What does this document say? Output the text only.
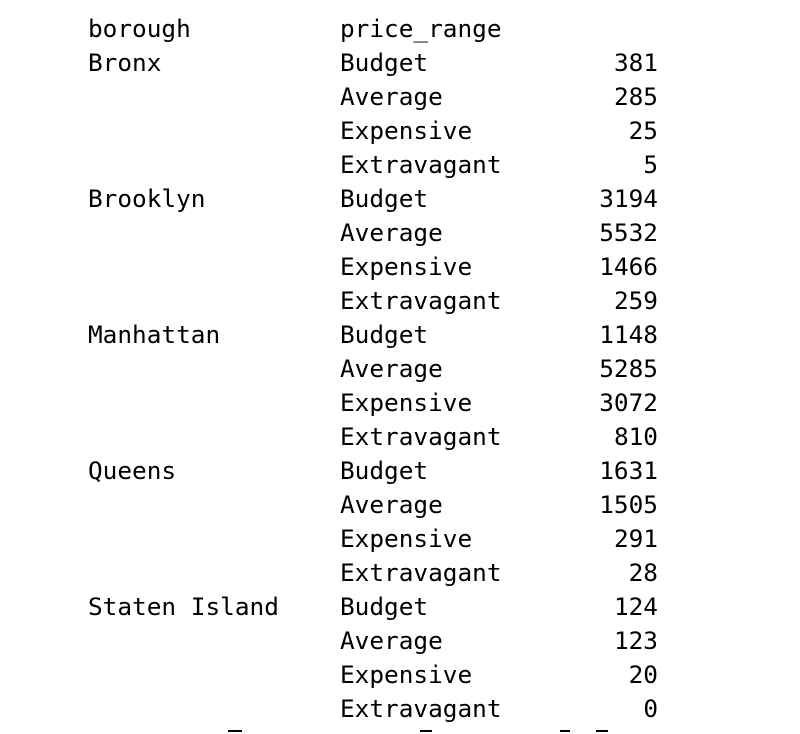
borough	price_range
Bronx	Budget	381
Average	285
Expensive	25
Extravagant	5
Brooklyn	Budget	3194
Average	5532
Expensive	1466
Extravagant	259
Manhattan	Budget	1148
Average	5285
Expensive	3072
Extravagant	810
Queens	Budget	1631
Average	1505
Expensive	291
Extravagant	28
Staten Island	Budget	124
Average	123
Expensive	20
Extravagant	0
